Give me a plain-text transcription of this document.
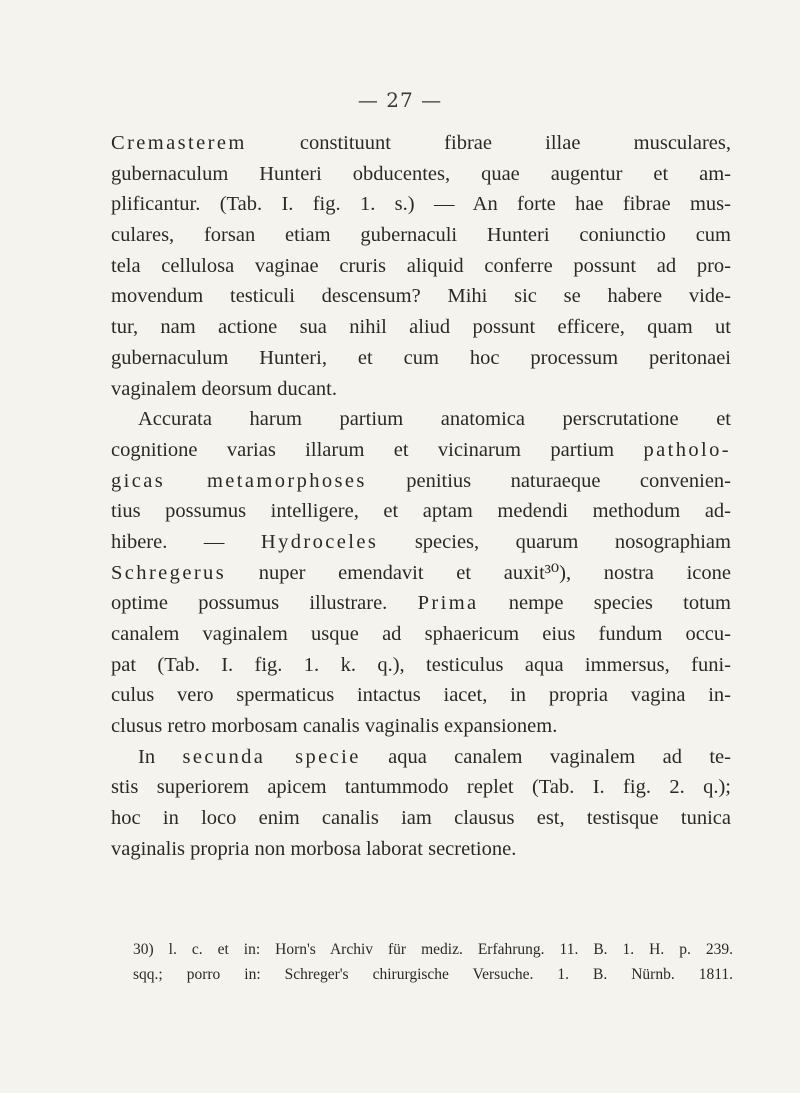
— 27 —
Cremasterem constituunt fibrae illae musculares,
gubernaculum Hunteri obducentes, quae augentur et am-
plificantur. (Tab. I. fig. 1. s.) — An forte hae fibrae mus-
culares, forsan etiam gubernaculi Hunteri coniunctio cum
tela cellulosa vaginae cruris aliquid conferre possunt ad pro-
movendum testiculi descensum? Mihi sic se habere vide-
tur, nam actione sua nihil aliud possunt efficere, quam ut
gubernaculum Hunteri, et cum hoc processum peritonaei
vaginalem deorsum ducant.
Accurata harum partium anatomica perscrutatione et
cognitione varias illarum et vicinarum partium patholo-
gicas metamorphoses penitius naturaeque convenien-
tius possumus intelligere, et aptam medendi methodum ad-
hibere. — Hydroceles species, quarum nosographiam
Schregerus nuper emendavit et auxit³⁰), nostra icone
optime possumus illustrare. Prima nempe species totum
canalem vaginalem usque ad sphaericum eius fundum occu-
pat (Tab. I. fig. 1. k. q.), testiculus aqua immersus, funi-
culus vero spermaticus intactus iacet, in propria vagina in-
clusus retro morbosam canalis vaginalis expansionem.
In secunda specie aqua canalem vaginalem ad te-
stis superiorem apicem tantummodo replet (Tab. I. fig. 2. q.);
hoc in loco enim canalis iam clausus est, testisque tunica
vaginalis propria non morbosa laborat secretione.
30) l. c. et in: Horn's Archiv für mediz. Erfahrung. 11. B. 1. H. p. 239.
sqq.; porro in: Schreger's chirurgische Versuche. 1. B. Nürnb. 1811.
